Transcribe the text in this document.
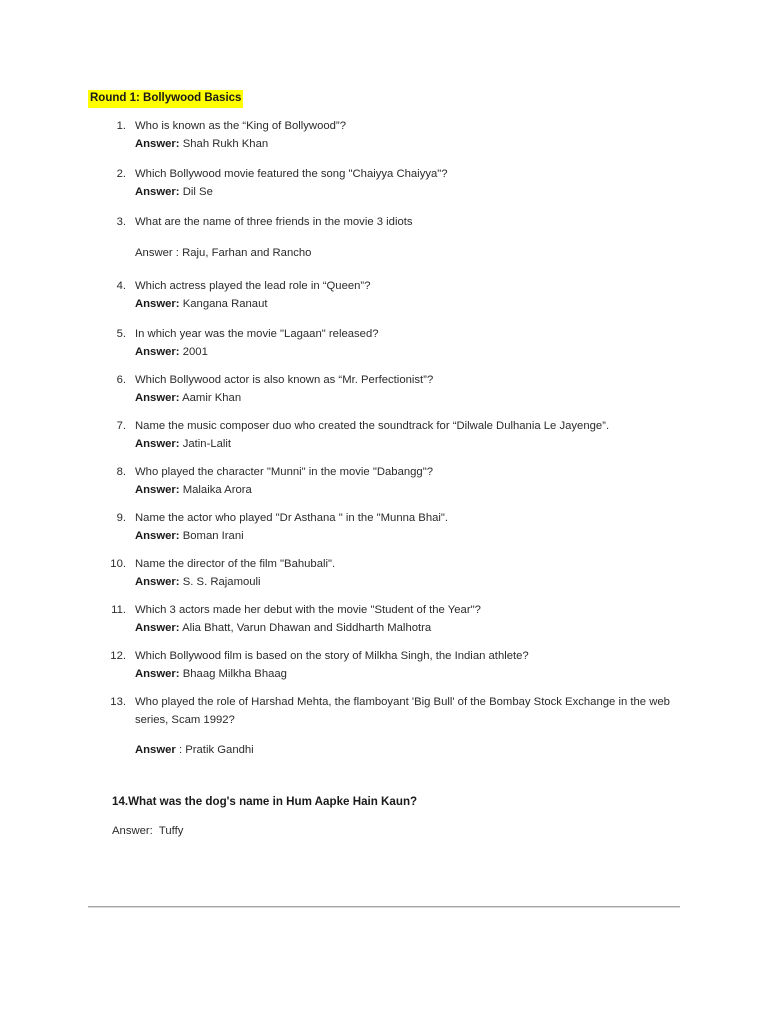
Round 1: Bollywood Basics
1. Who is known as the “King of Bollywood”?
Answer: Shah Rukh Khan
2. Which Bollywood movie featured the song "Chaiyya Chaiyya"?
Answer: Dil Se
3. What are the name of three friends in the movie 3 idiots
Answer : Raju, Farhan and Rancho
4. Which actress played the lead role in “Queen”?
Answer: Kangana Ranaut
5. In which year was the movie "Lagaan" released?
Answer: 2001
6. Which Bollywood actor is also known as “Mr. Perfectionist”?
Answer: Aamir Khan
7. Name the music composer duo who created the soundtrack for “Dilwale Dulhania Le Jayenge”.
Answer: Jatin-Lalit
8. Who played the character "Munni" in the movie "Dabangg"?
Answer: Malaika Arora
9. Name the actor who played "Dr Asthana " in the "Munna Bhai".
Answer: Boman Irani
10. Name the director of the film "Bahubali".
Answer: S. S. Rajamouli
11. Which 3 actors made her debut with the movie "Student of the Year"?
Answer: Alia Bhatt, Varun Dhawan and Siddharth Malhotra
12. Which Bollywood film is based on the story of Milkha Singh, the Indian athlete?
Answer: Bhaag Milkha Bhaag
13. Who played the role of Harshad Mehta, the flamboyant 'Big Bull' of the Bombay Stock Exchange in the web series, Scam 1992?
Answer : Pratik Gandhi
14.What was the dog's name in Hum Aapke Hain Kaun?
Answer:  Tuffy
